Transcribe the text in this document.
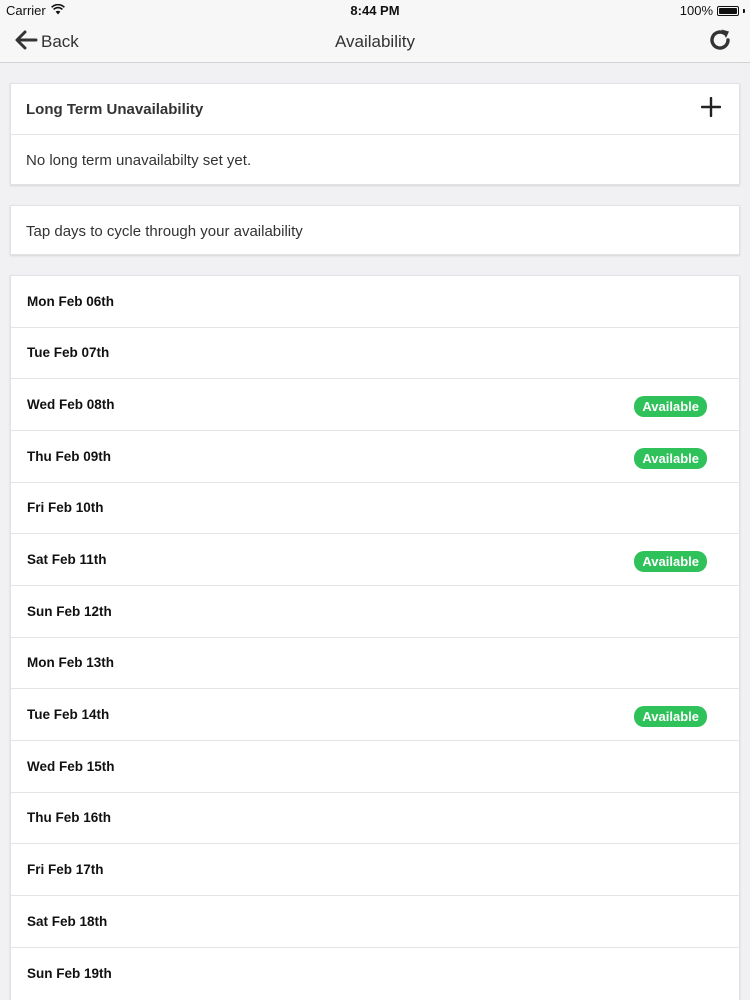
Carrier	8:44 PM	100%
Back	Availability
Long Term Unavailability
No long term unavailabilty set yet.
Tap days to cycle through your availability
Mon Feb 06th
Tue Feb 07th
Wed Feb 08th	Available
Thu Feb 09th	Available
Fri Feb 10th
Sat Feb 11th	Available
Sun Feb 12th
Mon Feb 13th
Tue Feb 14th	Available
Wed Feb 15th
Thu Feb 16th
Fri Feb 17th
Sat Feb 18th
Sun Feb 19th
